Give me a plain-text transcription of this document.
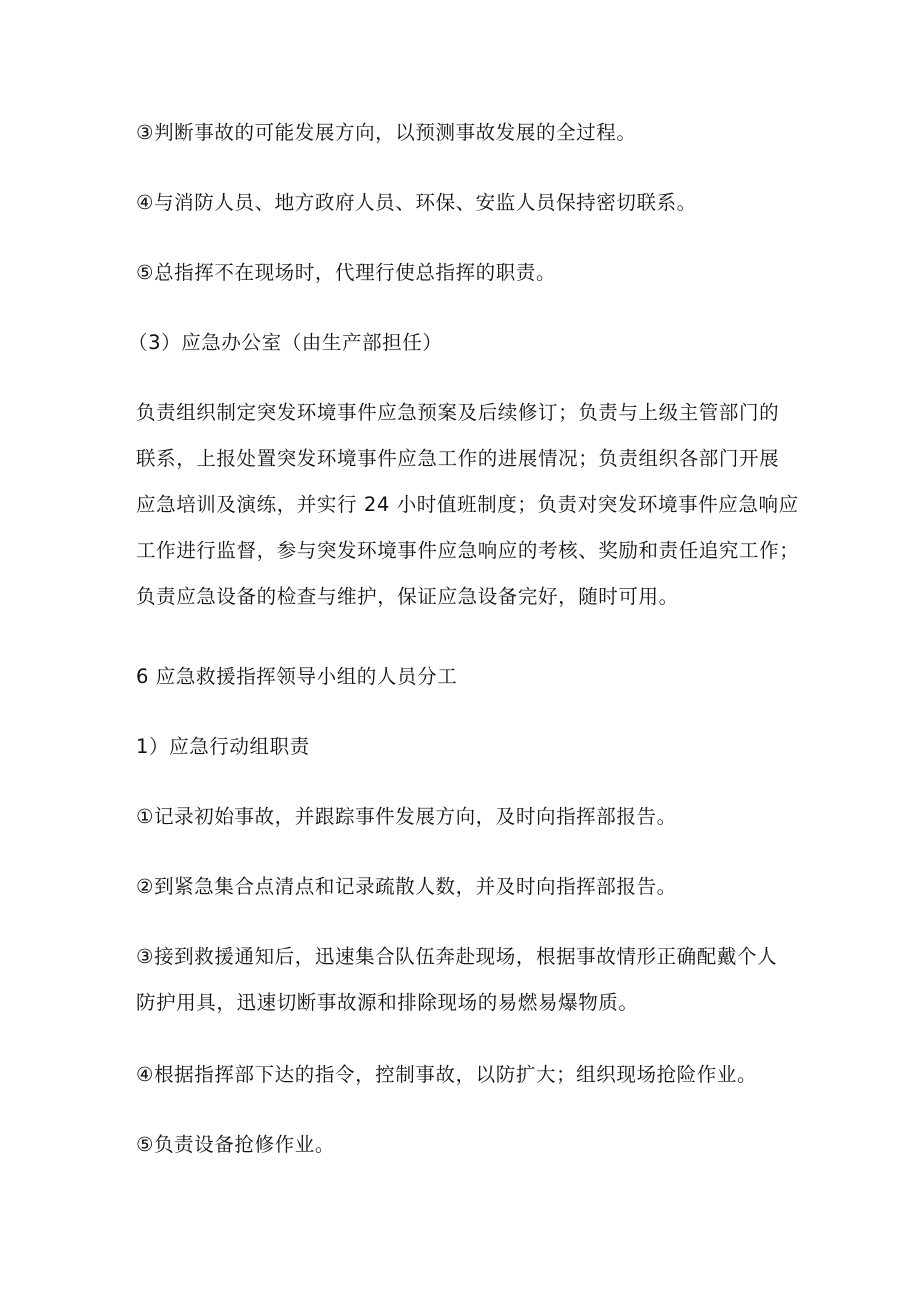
③判断事故的可能发展方向，以预测事故发展的全过程。

④与消防人员、地方政府人员、环保、安监人员保持密切联系。

⑤总指挥不在现场时，代理行使总指挥的职责。

（3）应急办公室（由生产部担任）

负责组织制定突发环境事件应急预案及后续修订；负责与上级主管部门的
联系，上报处置突发环境事件应急工作的进展情况；负责组织各部门开展
应急培训及演练，并实行 24 小时值班制度；负责对突发环境事件应急响应
工作进行监督，参与突发环境事件应急响应的考核、奖励和责任追究工作；
负责应急设备的检查与维护，保证应急设备完好，随时可用。

6 应急救援指挥领导小组的人员分工

1）应急行动组职责

①记录初始事故，并跟踪事件发展方向，及时向指挥部报告。

②到紧急集合点清点和记录疏散人数，并及时向指挥部报告。

③接到救援通知后，迅速集合队伍奔赴现场，根据事故情形正确配戴个人
防护用具，迅速切断事故源和排除现场的易燃易爆物质。

④根据指挥部下达的指令，控制事故，以防扩大；组织现场抢险作业。

⑤负责设备抢修作业。
